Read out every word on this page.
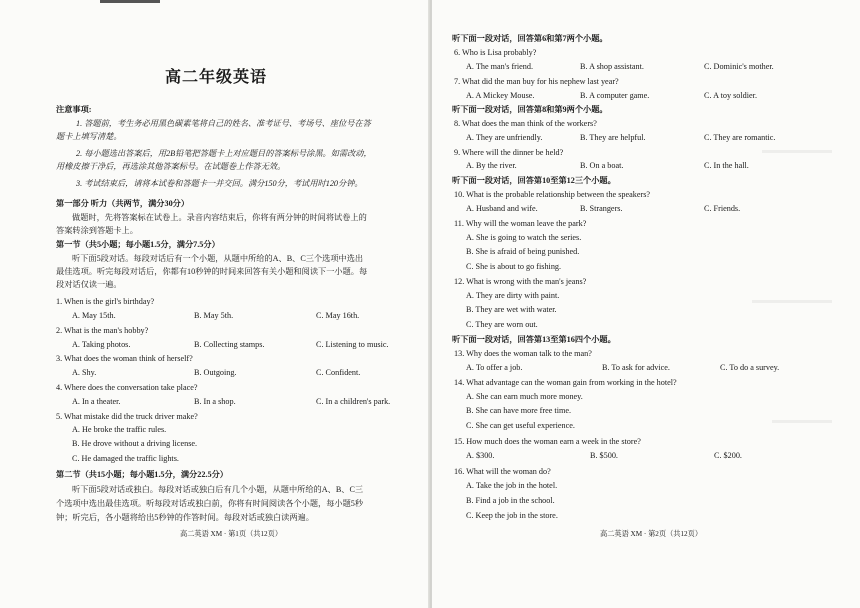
高二年级英语
注意事项:
1. 答题前，考生务必用黑色碳素笔将自己的姓名、准考证号、考场号、座位号在答
题卡上填写清楚。
2. 每小题选出答案后，用2B铅笔把答题卡上对应题目的答案标号涂黑。如需改动，
用橡皮擦干净后，再选涂其他答案标号。在试题卷上作答无效。
3. 考试结束后，请将本试卷和答题卡一并交回。满分150分，考试用时120分钟。
第一部分 听力（共两节，满分30分）
做题时，先将答案标在试卷上。录音内容结束后，你将有两分钟的时间将试卷上的
答案转涂到答题卡上。
第一节（共5小题；每小题1.5分，满分7.5分）
听下面5段对话。每段对话后有一个小题，从题中所给的A、B、C三个选项中选出
最佳选项。听完每段对话后，你都有10秒钟的时间来回答有关小题和阅读下一小题。每
段对话仅读一遍。
1. When is the girl's birthday?
A. May 15th.	B. May 5th.	C. May 16th.
2. What is the man's hobby?
A. Taking photos.	B. Collecting stamps.	C. Listening to music.
3. What does the woman think of herself?
A. Shy.	B. Outgoing.	C. Confident.
4. Where does the conversation take place?
A. In a theater.	B. In a shop.	C. In a children's park.
5. What mistake did the truck driver make?
A. He broke the traffic rules.
B. He drove without a driving license.
C. He damaged the traffic lights.
第二节（共15小题；每小题1.5分，满分22.5分）
听下面5段对话或独白。每段对话或独白后有几个小题，从题中所给的A、B、C三
个选项中选出最佳选项。听每段对话或独白前，你将有时间阅读各个小题，每小题5秒
钟；听完后，各小题将给出5秒钟的作答时间。每段对话或独白读两遍。
高二英语 XM · 第1页（共12页）
听下面一段对话，回答第6和第7两个小题。
6. Who is Lisa probably?
A. The man's friend.	B. A shop assistant.	C. Dominic's mother.
7. What did the man buy for his nephew last year?
A. A Mickey Mouse.	B. A computer game.	C. A toy soldier.
听下面一段对话，回答第8和第9两个小题。
8. What does the man think of the workers?
A. They are unfriendly.	B. They are helpful.	C. They are romantic.
9. Where will the dinner be held?
A. By the river.	B. On a boat.	C. In the hall.
听下面一段对话，回答第10至第12三个小题。
10. What is the probable relationship between the speakers?
A. Husband and wife.	B. Strangers.	C. Friends.
11. Why will the woman leave the park?
A. She is going to watch the series.
B. She is afraid of being punished.
C. She is about to go fishing.
12. What is wrong with the man's jeans?
A. They are dirty with paint.
B. They are wet with water.
C. They are worn out.
听下面一段对话，回答第13至第16四个小题。
13. Why does the woman talk to the man?
A. To offer a job.	B. To ask for advice.	C. To do a survey.
14. What advantage can the woman gain from working in the hotel?
A. She can earn much more money.
B. She can have more free time.
C. She can get useful experience.
15. How much does the woman earn a week in the store?
A. $300.	B. $500.	C. $200.
16. What will the woman do?
A. Take the job in the hotel.
B. Find a job in the school.
C. Keep the job in the store.
高二英语 XM · 第2页（共12页）
